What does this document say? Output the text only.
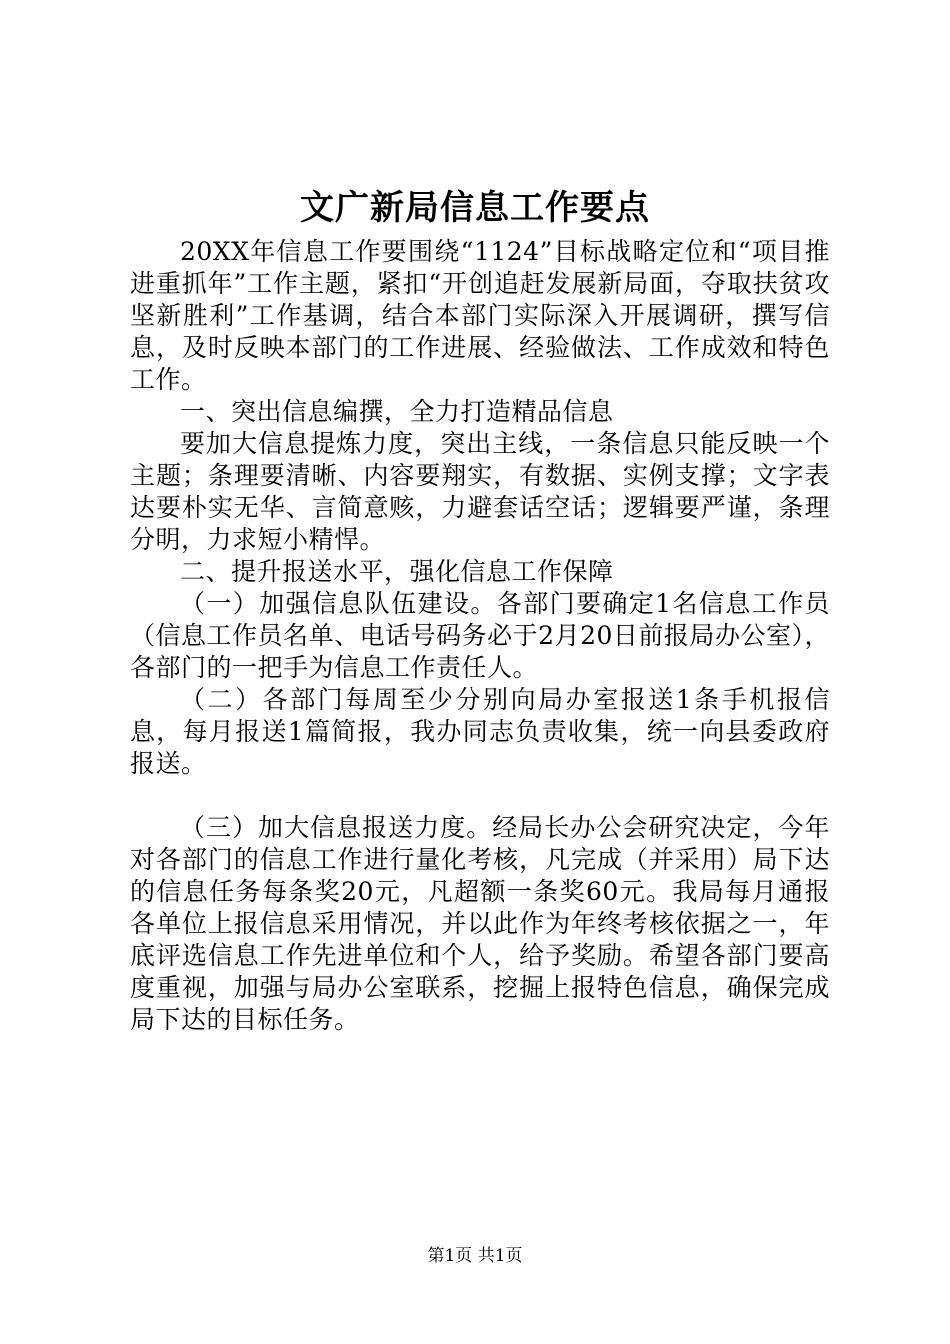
文广新局信息工作要点

20XX年信息工作要围绕“1124”目标战略定位和“项目推进重抓年”工作主题，紧扣“开创追赶发展新局面，夺取扶贫攻坚新胜利”工作基调，结合本部门实际深入开展调研，撰写信息，及时反映本部门的工作进展、经验做法、工作成效和特色工作。

一、突出信息编撰，全力打造精品信息

要加大信息提炼力度，突出主线，一条信息只能反映一个主题；条理要清晰、内容要翔实，有数据、实例支撑；文字表达要朴实无华、言简意赅，力避套话空话；逻辑要严谨，条理分明，力求短小精悍。

二、提升报送水平，强化信息工作保障

（一）加强信息队伍建设。各部门要确定1名信息工作员（信息工作员名单、电话号码务必于2月20日前报局办公室），各部门的一把手为信息工作责任人。

（二）各部门每周至少分别向局办室报送1条手机报信息，每月报送1篇简报，我办同志负责收集，统一向县委政府报送。

（三）加大信息报送力度。经局长办公会研究决定，今年对各部门的信息工作进行量化考核，凡完成（并采用）局下达的信息任务每条奖20元，凡超额一条奖60元。我局每月通报各单位上报信息采用情况，并以此作为年终考核依据之一，年底评选信息工作先进单位和个人，给予奖励。希望各部门要高度重视，加强与局办公室联系，挖掘上报特色信息，确保完成局下达的目标任务。

第1页 共1页
